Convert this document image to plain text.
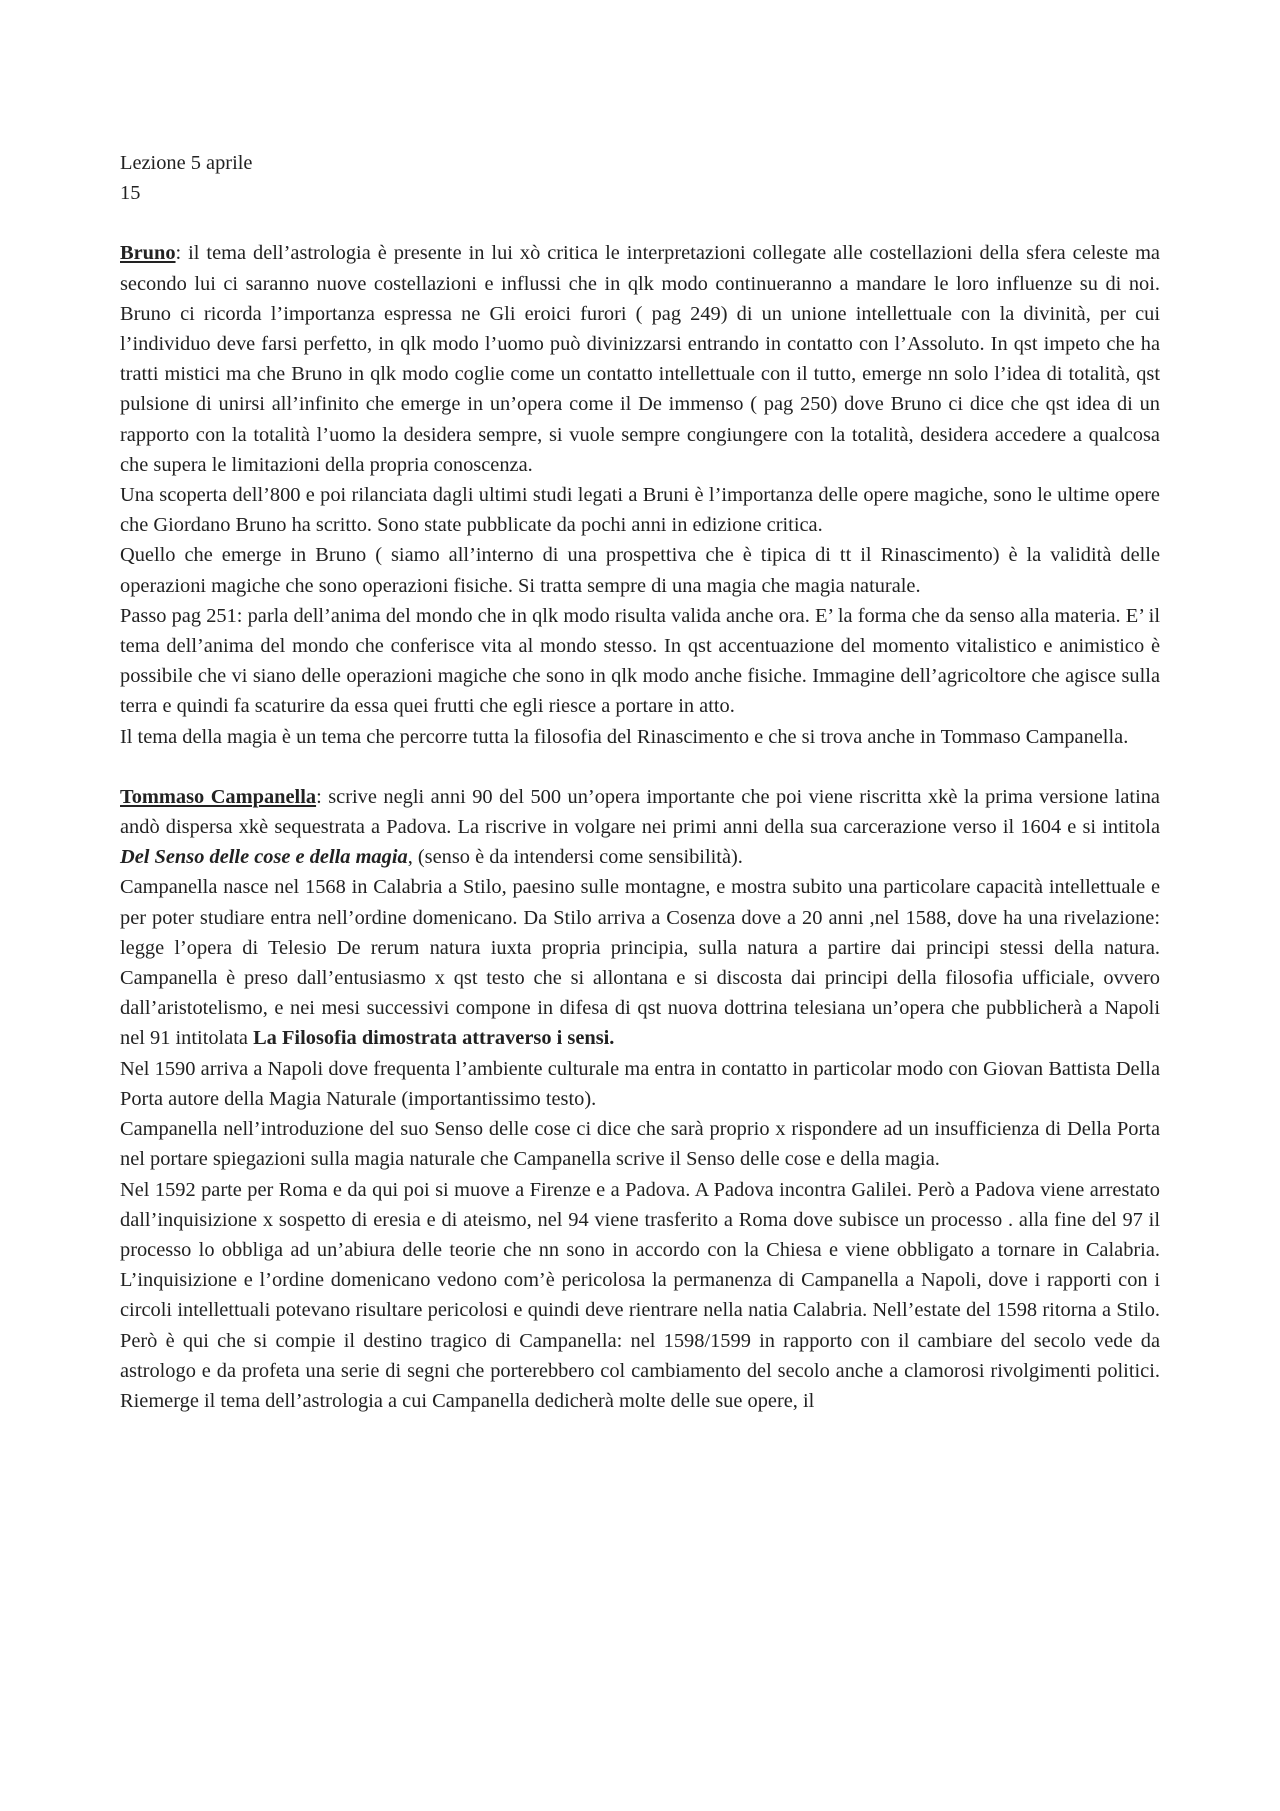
Lezione 5 aprile
15

Bruno: il tema dell’astrologia è presente in lui xò critica le interpretazioni collegate alle costellazioni della sfera celeste ma secondo lui ci saranno nuove costellazioni e influssi che in qlk modo continueranno a mandare le loro influenze su di noi. Bruno ci ricorda l’importanza espressa ne Gli eroici furori ( pag 249) di un unione intellettuale con la divinità, per cui l’individuo deve farsi perfetto, in qlk modo l’uomo può divinizzarsi entrando in contatto con l’Assoluto. In qst impeto che ha tratti mistici ma che Bruno in qlk modo coglie come un contatto intellettuale con il tutto, emerge nn solo l’idea di totalità, qst pulsione di unirsi all’infinito che emerge in un’opera come il De immenso ( pag 250) dove Bruno ci dice che qst idea di un rapporto con la totalità l’uomo la desidera sempre, si vuole sempre congiungere con la totalità, desidera accedere a qualcosa che supera le limitazioni della propria conoscenza.

Una scoperta dell’800 e poi rilanciata dagli ultimi studi legati a Bruni è l’importanza delle opere magiche, sono le ultime opere che Giordano Bruno ha scritto. Sono state pubblicate da pochi anni in edizione critica.

Quello che emerge in Bruno ( siamo all’interno di una prospettiva che è tipica di tt il Rinascimento) è la validità delle operazioni magiche che sono operazioni fisiche. Si tratta sempre di una magia che magia naturale.

Passo pag 251: parla dell’anima del mondo che in qlk modo risulta valida anche ora. E’ la forma che da senso alla materia. E’ il tema dell’anima del mondo che conferisce vita al mondo stesso. In qst accentuazione del momento vitalistico e animistico è possibile che vi siano delle operazioni magiche che sono in qlk modo anche fisiche. Immagine dell’agricoltore che agisce sulla terra e quindi fa scaturire da essa quei frutti che egli riesce a portare in atto.

Il tema della magia è un tema che percorre tutta la filosofia del Rinascimento e che si trova anche in Tommaso Campanella.

Tommaso Campanella: scrive negli anni 90 del 500 un’opera importante che poi viene riscritta xkè la prima versione latina andò dispersa xkè sequestrata a Padova. La riscrive in volgare nei primi anni della sua carcerazione verso il 1604 e si intitola Del Senso delle cose e della magia, (senso è da intendersi come sensibilità).

Campanella nasce nel 1568 in Calabria a Stilo, paesino sulle montagne, e mostra subito una particolare capacità intellettuale e per poter studiare entra nell’ordine domenicano. Da Stilo arriva a Cosenza dove a 20 anni ,nel 1588, dove ha una rivelazione: legge l’opera di Telesio De rerum natura iuxta propria principia, sulla natura a partire dai principi stessi della natura. Campanella è preso dall’entusiasmo x qst testo che si allontana e si discosta dai principi della filosofia ufficiale, ovvero dall’aristotelismo, e nei mesi successivi compone in difesa di qst nuova dottrina telesiana un’opera che pubblicherà a Napoli nel 91 intitolata La Filosofia dimostrata attraverso i sensi.

Nel 1590 arriva a Napoli dove frequenta l’ambiente culturale ma entra in contatto in particolar modo con Giovan Battista Della Porta autore della Magia Naturale (importantissimo testo).

Campanella nell’introduzione del suo Senso delle cose ci dice che sarà proprio x rispondere ad un insufficienza di Della Porta nel portare spiegazioni sulla magia naturale che Campanella scrive il Senso delle cose e della magia.

Nel 1592 parte per Roma e da qui poi si muove a Firenze e a Padova. A Padova incontra Galilei. Però a Padova viene arrestato dall’inquisizione x sospetto di eresia e di ateismo, nel 94 viene trasferito a Roma dove subisce un processo . alla fine del 97 il processo lo obbliga ad un’abiura delle teorie che nn sono in accordo con la Chiesa e viene obbligato a tornare in Calabria. L’inquisizione e l’ordine domenicano vedono com’è pericolosa la permanenza di Campanella a Napoli, dove i rapporti con i circoli intellettuali potevano risultare pericolosi e quindi deve rientrare nella natia Calabria. Nell’estate del 1598 ritorna a Stilo. Però è qui che si compie il destino tragico di Campanella: nel 1598/1599 in rapporto con il cambiare del secolo vede da astrologo e da profeta una serie di segni che porterebbero col cambiamento del secolo anche a clamorosi rivolgimenti politici. Riemerge il tema dell’astrologia a cui Campanella dedicherà molte delle sue opere, il
